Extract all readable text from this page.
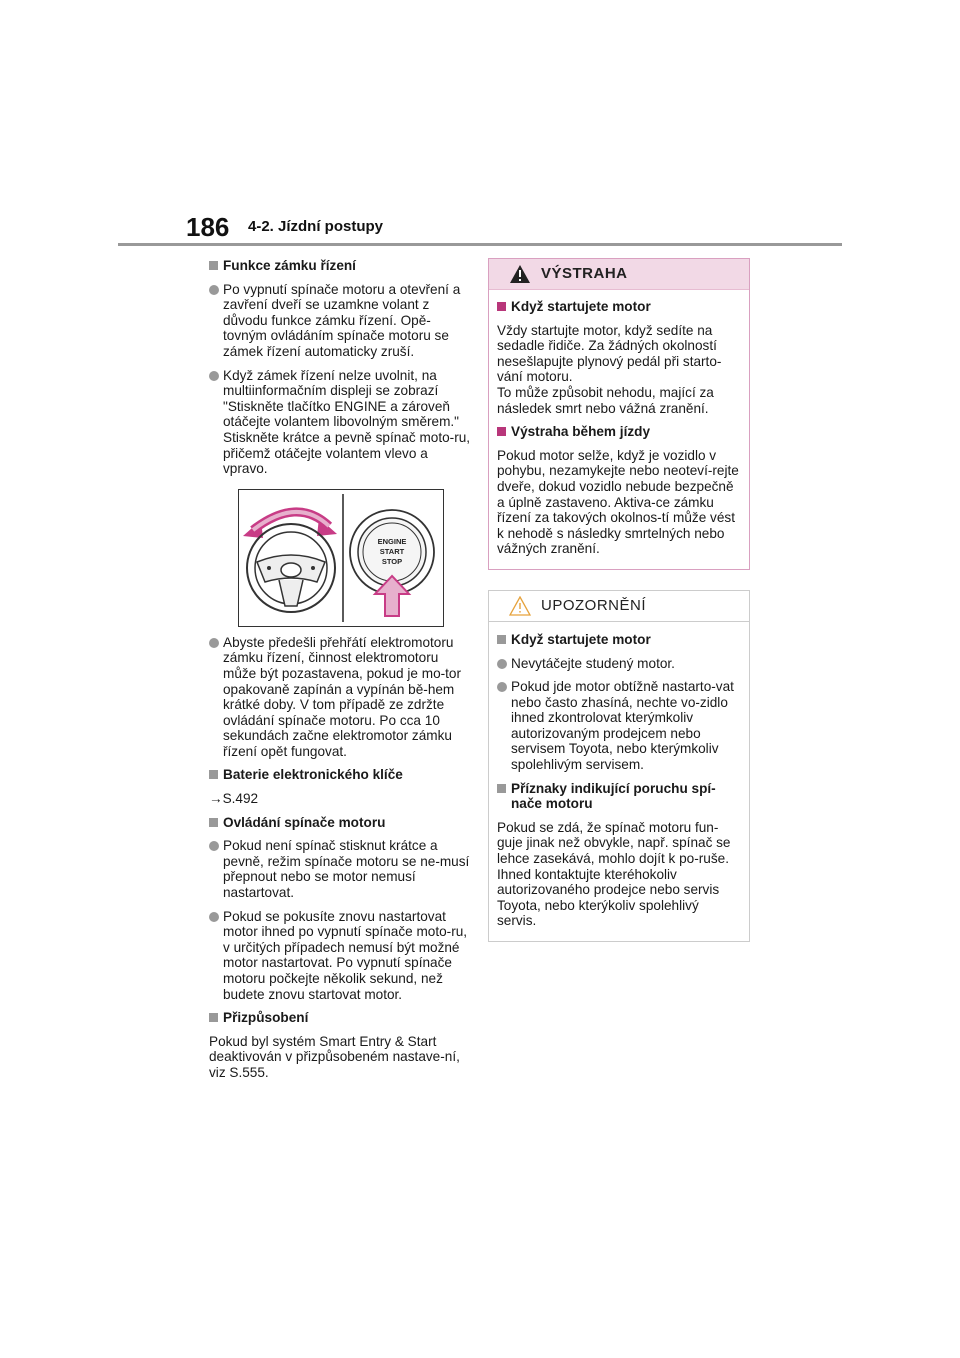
186 4-2. Jízdní postupy
Funkce zámku řízení
Po vypnutí spínače motoru a otevření a zavření dveří se uzamkne volant z důvodu funkce zámku řízení. Opě-tovným ovládáním spínače motoru se zámek řízení automaticky zruší.
Když zámek řízení nelze uvolnit, na multiinformačním displeji se zobrazí "Stiskněte tlačítko ENGINE a zároveň otáčejte volantem libovolným směrem." Stiskněte krátce a pevně spínač moto-ru, přičemž otáčejte volantem vlevo a vpravo.
ENGINE
START
STOP
Abyste předešli přehřátí elektromotoru zámku řízení, činnost elektromotoru může být pozastavena, pokud je mo-tor opakovaně zapínán a vypínán bě-hem krátké doby. V tom případě ze zdržte ovládání spínače motoru. Po cca 10 sekundách začne elektromotor zámku řízení opět fungovat.
Baterie elektronického klíče
→S.492
Ovládání spínače motoru
Pokud není spínač stisknut krátce a pevně, režim spínače motoru se ne-musí přepnout nebo se motor nemusí nastartovat.
Pokud se pokusíte znovu nastartovat motor ihned po vypnutí spínače moto-ru, v určitých případech nemusí být možné motor nastartovat. Po vypnutí spínače motoru počkejte několik sekund, než budete znovu startovat motor.
Přizpůsobení
Pokud byl systém Smart Entry & Start deaktivován v přizpůsobeném nastave-ní, viz S.555.
VÝSTRAHA
Když startujete motor
Vždy startujte motor, když sedíte na sedadle řidiče. Za žádných okolností nesešlapujte plynový pedál při starto-vání motoru.
To může způsobit nehodu, mající za následek smrt nebo vážná zranění.
Výstraha během jízdy
Pokud motor selže, když je vozidlo v pohybu, nezamykejte nebo neoteví-rejte dveře, dokud vozidlo nebude bezpečně a úplně zastaveno. Aktiva-ce zámku řízení za takových okolnos-tí může vést k nehodě s následky smrtelných nebo vážných zranění.
UPOZORNĚNÍ
Když startujete motor
Nevytáčejte studený motor.
Pokud jde motor obtížně nastarto-vat nebo často zhasíná, nechte vo-zidlo ihned zkontrolovat kterýmkoliv autorizovaným prodejcem nebo servisem Toyota, nebo kterýmkoliv spolehlivým servisem.
Příznaky indikující poruchu spí-nače motoru
Pokud se zdá, že spínač motoru fun-guje jinak než obvykle, např. spínač se lehce zasekává, mohlo dojít k po-ruše. Ihned kontaktujte kteréhokoliv autorizovaného prodejce nebo servis Toyota, nebo kterýkoliv spolehlivý servis.
